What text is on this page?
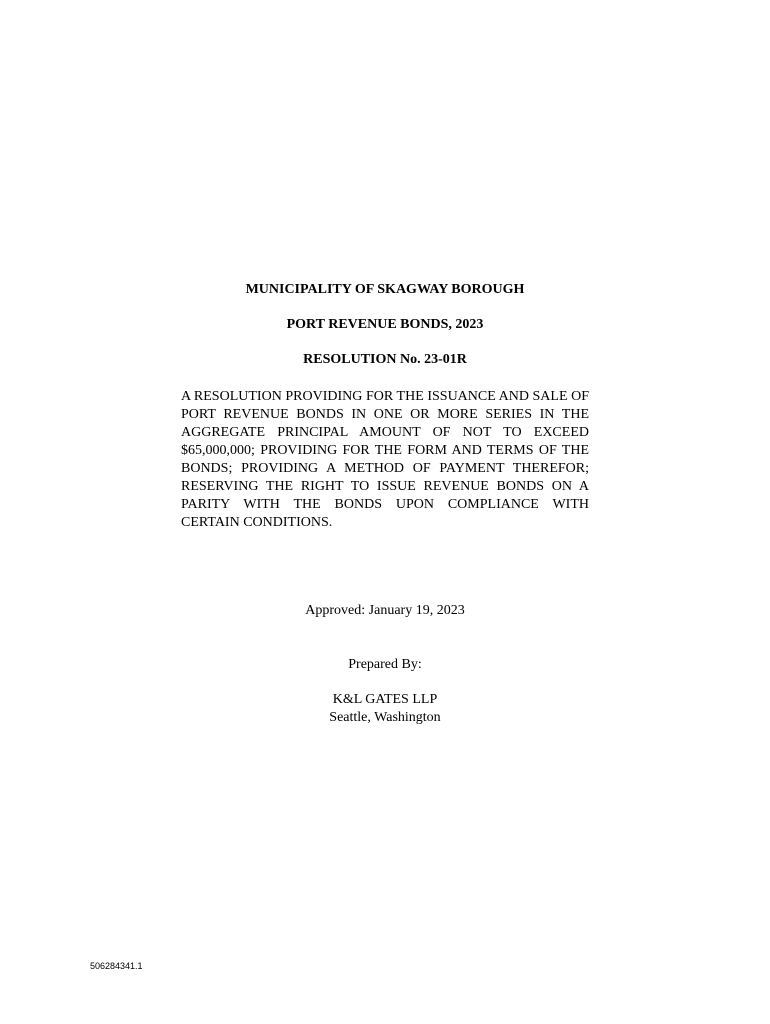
MUNICIPALITY OF SKAGWAY BOROUGH
PORT REVENUE BONDS, 2023
RESOLUTION No. 23-01R
A RESOLUTION PROVIDING FOR THE ISSUANCE AND SALE OF PORT REVENUE BONDS IN ONE OR MORE SERIES IN THE AGGREGATE PRINCIPAL AMOUNT OF NOT TO EXCEED $65,000,000; PROVIDING FOR THE FORM AND TERMS OF THE BONDS; PROVIDING A METHOD OF PAYMENT THEREFOR; RESERVING THE RIGHT TO ISSUE REVENUE BONDS ON A PARITY WITH THE BONDS UPON COMPLIANCE WITH CERTAIN CONDITIONS.
Approved: January 19, 2023
Prepared By:
K&L GATES LLP
Seattle, Washington
506284341.1
